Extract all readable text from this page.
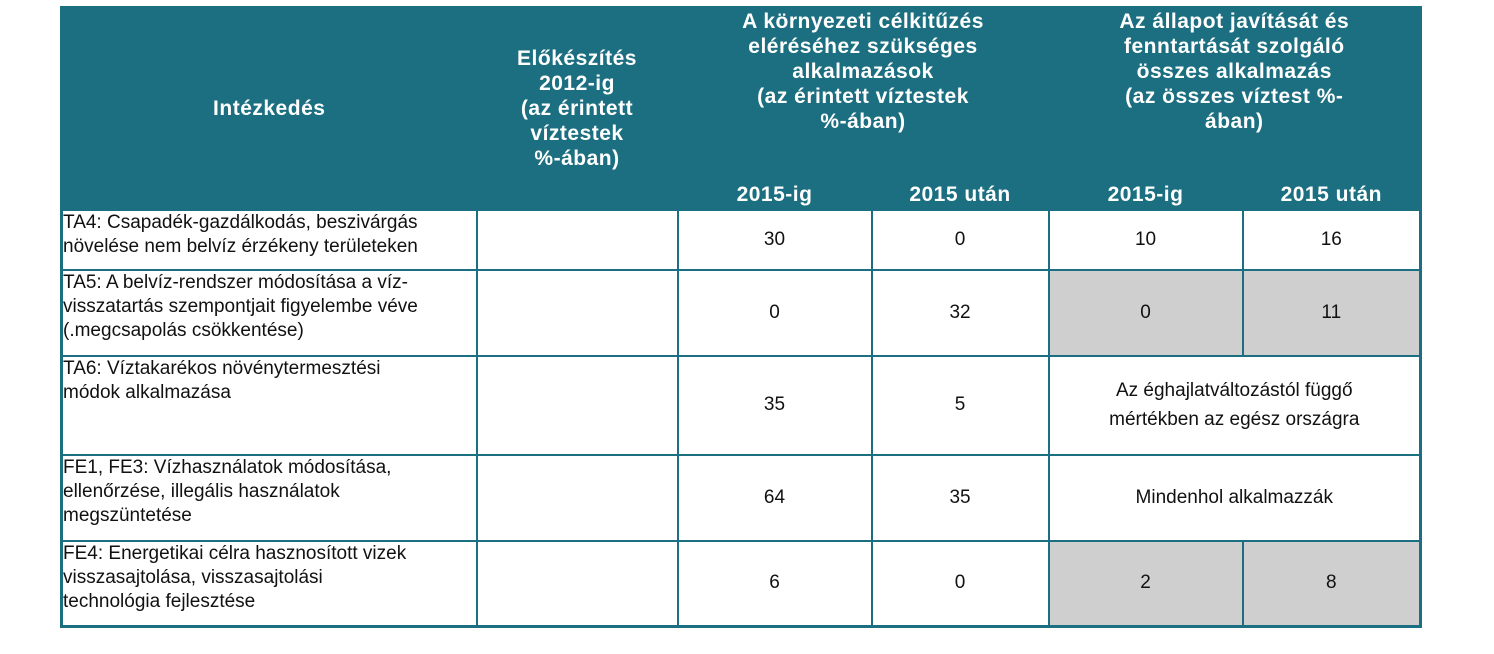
Intézkedés	Előkészítés
2012-ig
(az érintett
víztestek
%-ában)	A környezeti célkitűzés
eléréséhez szükséges
alkalmazások
(az érintett víztestek
%-ában)		Az állapot javítását és
fenntartását szolgáló
összes alkalmazás
(az összes víztest %-
ában)	
		2015-ig	2015 után	2015-ig	2015 után
TA4: Csapadék-gazdálkodás, beszivárgás
növelése nem belvíz érzékeny területeken		30	0	10	16
TA5: A belvíz-rendszer módosítása a víz-
visszatartás szempontjait figyelembe véve
(.megcsapolás csökkentése)		0	32	0	11
TA6: Víztakarékos növénytermesztési
módok alkalmazása		35	5	Az éghajlatváltozástól függő
mértékben az egész országra	
FE1, FE3: Vízhasználatok módosítása,
ellenőrzése, illegális használatok
megszüntetése		64	35	Mindenhol alkalmazzák	
FE4: Energetikai célra hasznosított vizek
visszasajtolása, visszasajtolási
technológia fejlesztése		6	0	2	8
